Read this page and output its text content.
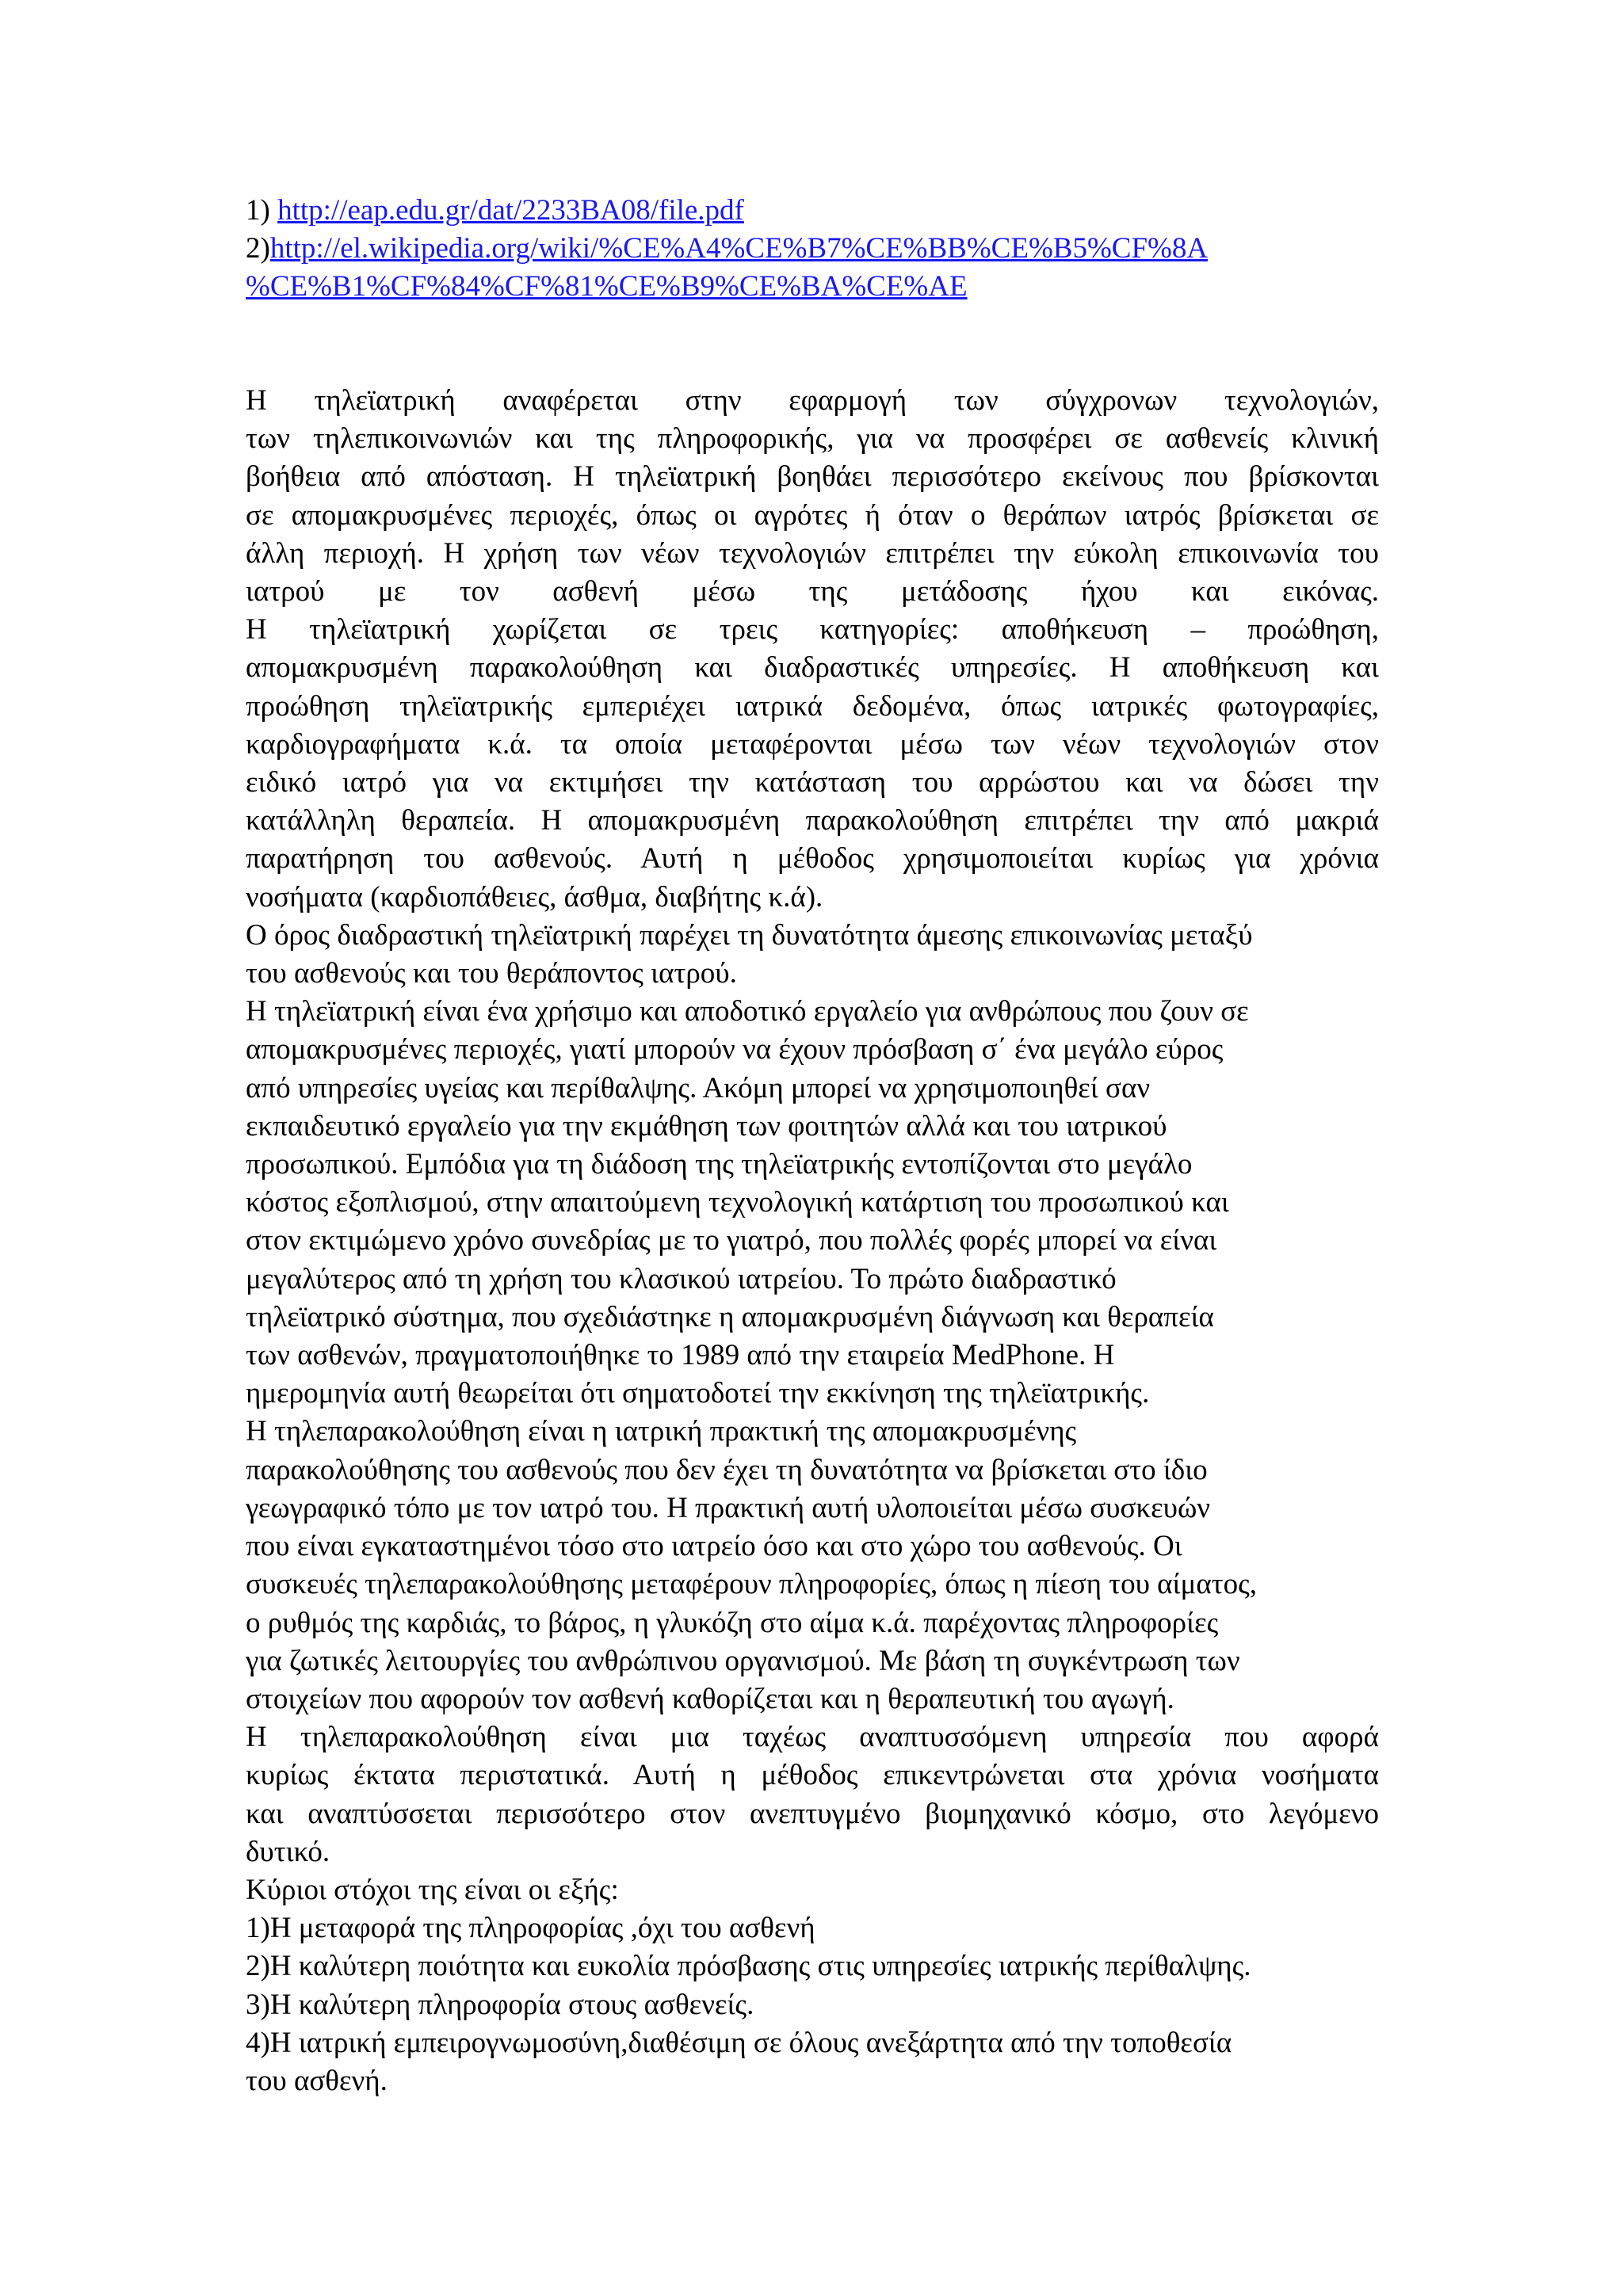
1) http://eap.edu.gr/dat/2233BA08/file.pdf

2)http://el.wikipedia.org/wiki/%CE%A4%CE%B7%CE%BB%CE%B5%CF%8A

%CE%B1%CF%84%CF%81%CE%B9%CE%BA%CE%AE

Η τηλεϊατρική αναφέρεται στην εφαρμογή των σύγχρονων τεχνολογιών,
των τηλεπικοινωνιών και της πληροφορικής, για να προσφέρει σε ασθενείς κλινική
βοήθεια από απόσταση. Η τηλεϊατρική βοηθάει περισσότερο εκείνους που βρίσκονται
σε απομακρυσμένες περιοχές, όπως οι αγρότες ή όταν ο θεράπων ιατρός βρίσκεται σε
άλλη περιοχή. Η χρήση των νέων τεχνολογιών επιτρέπει την εύκολη επικοινωνία του
ιατρού με τον ασθενή μέσω της μετάδοσης ήχου και εικόνας.
Η τηλεϊατρική χωρίζεται σε τρεις κατηγορίες: αποθήκευση – προώθηση,
απομακρυσμένη παρακολούθηση και διαδραστικές υπηρεσίες. Η αποθήκευση και
προώθηση τηλεϊατρικής εμπεριέχει ιατρικά δεδομένα, όπως ιατρικές φωτογραφίες,
καρδιογραφήματα κ.ά. τα οποία μεταφέρονται μέσω των νέων τεχνολογιών στον
ειδικό ιατρό για να εκτιμήσει την κατάσταση του αρρώστου και να δώσει την
κατάλληλη θεραπεία. Η απομακρυσμένη παρακολούθηση επιτρέπει την από μακριά
παρατήρηση του ασθενούς. Αυτή η μέθοδος χρησιμοποιείται κυρίως για χρόνια
νοσήματα (καρδιοπάθειες, άσθμα, διαβήτης κ.ά).

Ο όρος διαδραστική τηλεϊατρική παρέχει τη δυνατότητα άμεσης επικοινωνίας μεταξύ
του ασθενούς και του θεράποντος ιατρού.

Η τηλεϊατρική είναι ένα χρήσιμο και αποδοτικό εργαλείο για ανθρώπους που ζουν σε
απομακρυσμένες περιοχές, γιατί μπορούν να έχουν πρόσβαση σ΄ ένα μεγάλο εύρος
από υπηρεσίες υγείας και περίθαλψης. Ακόμη μπορεί να χρησιμοποιηθεί σαν
εκπαιδευτικό εργαλείο για την εκμάθηση των φοιτητών αλλά και του ιατρικού
προσωπικού. Εμπόδια για τη διάδοση της τηλεϊατρικής εντοπίζονται στο μεγάλο
κόστος εξοπλισμού, στην απαιτούμενη τεχνολογική κατάρτιση του προσωπικού και
στον εκτιμώμενο χρόνο συνεδρίας με το γιατρό, που πολλές φορές μπορεί να είναι
μεγαλύτερος από τη χρήση του κλασικού ιατρείου. Το πρώτο διαδραστικό
τηλεϊατρικό σύστημα, που σχεδιάστηκε η απομακρυσμένη διάγνωση και θεραπεία
των ασθενών, πραγματοποιήθηκε το 1989 από την εταιρεία MedPhone. Η
ημερομηνία αυτή θεωρείται ότι σηματοδοτεί την εκκίνηση της τηλεϊατρικής.

Η τηλεπαρακολούθηση είναι η ιατρική πρακτική της απομακρυσμένης
παρακολούθησης του ασθενούς που δεν έχει τη δυνατότητα να βρίσκεται στο ίδιο
γεωγραφικό τόπο με τον ιατρό του. Η πρακτική αυτή υλοποιείται μέσω συσκευών
που είναι εγκαταστημένοι τόσο στο ιατρείο όσο και στο χώρο του ασθενούς. Οι
συσκευές τηλεπαρακολούθησης μεταφέρουν πληροφορίες, όπως η πίεση του αίματος,
ο ρυθμός της καρδιάς, το βάρος, η γλυκόζη στο αίμα κ.ά. παρέχοντας πληροφορίες
για ζωτικές λειτουργίες του ανθρώπινου οργανισμού. Με βάση τη συγκέντρωση των
στοιχείων που αφορούν τον ασθενή καθορίζεται και η θεραπευτική του αγωγή.

Η τηλεπαρακολούθηση είναι μια ταχέως αναπτυσσόμενη υπηρεσία που αφορά
κυρίως έκτατα περιστατικά. Αυτή η μέθοδος επικεντρώνεται στα χρόνια νοσήματα
και αναπτύσσεται περισσότερο στον ανεπτυγμένο βιομηχανικό κόσμο, στο λεγόμενο
δυτικό.

Κύριοι στόχοι της είναι οι εξής:

1)Η μεταφορά της πληροφορίας ,όχι του ασθενή
2)Η καλύτερη ποιότητα και ευκολία πρόσβασης στις υπηρεσίες ιατρικής περίθαλψης.
3)Η καλύτερη πληροφορία στους ασθενείς.
4)Η ιατρική εμπειρογνωμοσύνη,διαθέσιμη σε όλους ανεξάρτητα από την τοποθεσία
του ασθενή.
